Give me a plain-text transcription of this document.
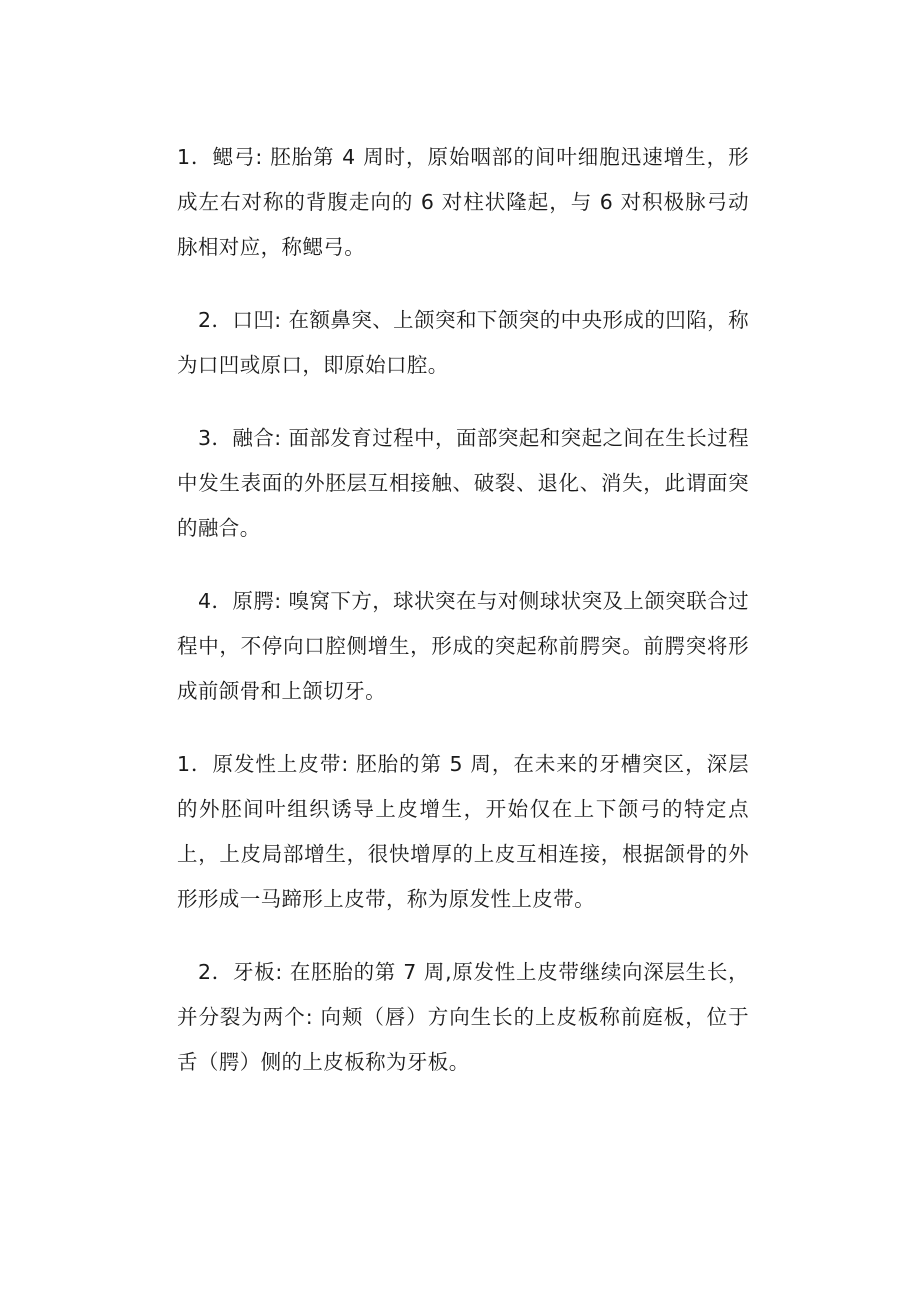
1．鳃弓: 胚胎第 4 周时，原始咽部的间叶细胞迅速增生，形成左右对称的背腹走向的 6 对柱状隆起，与 6 对积极脉弓动脉相对应，称鳃弓。

2．口凹: 在额鼻突、上颌突和下颌突的中央形成的凹陷，称为口凹或原口，即原始口腔。

3．融合: 面部发育过程中，面部突起和突起之间在生长过程中发生表面的外胚层互相接触、破裂、退化、消失，此谓面突的融合。

4．原腭: 嗅窝下方，球状突在与对侧球状突及上颌突联合过程中，不停向口腔侧增生，形成的突起称前腭突。前腭突将形成前颌骨和上颌切牙。

1．原发性上皮带: 胚胎的第 5 周，在未来的牙槽突区，深层的外胚间叶组织诱导上皮增生，开始仅在上下颌弓的特定点上，上皮局部增生，很快增厚的上皮互相连接，根据颌骨的外形形成一马蹄形上皮带，称为原发性上皮带。

2．牙板: 在胚胎的第 7 周,原发性上皮带继续向深层生长，并分裂为两个: 向颊（唇）方向生长的上皮板称前庭板，位于舌（腭）侧的上皮板称为牙板。
